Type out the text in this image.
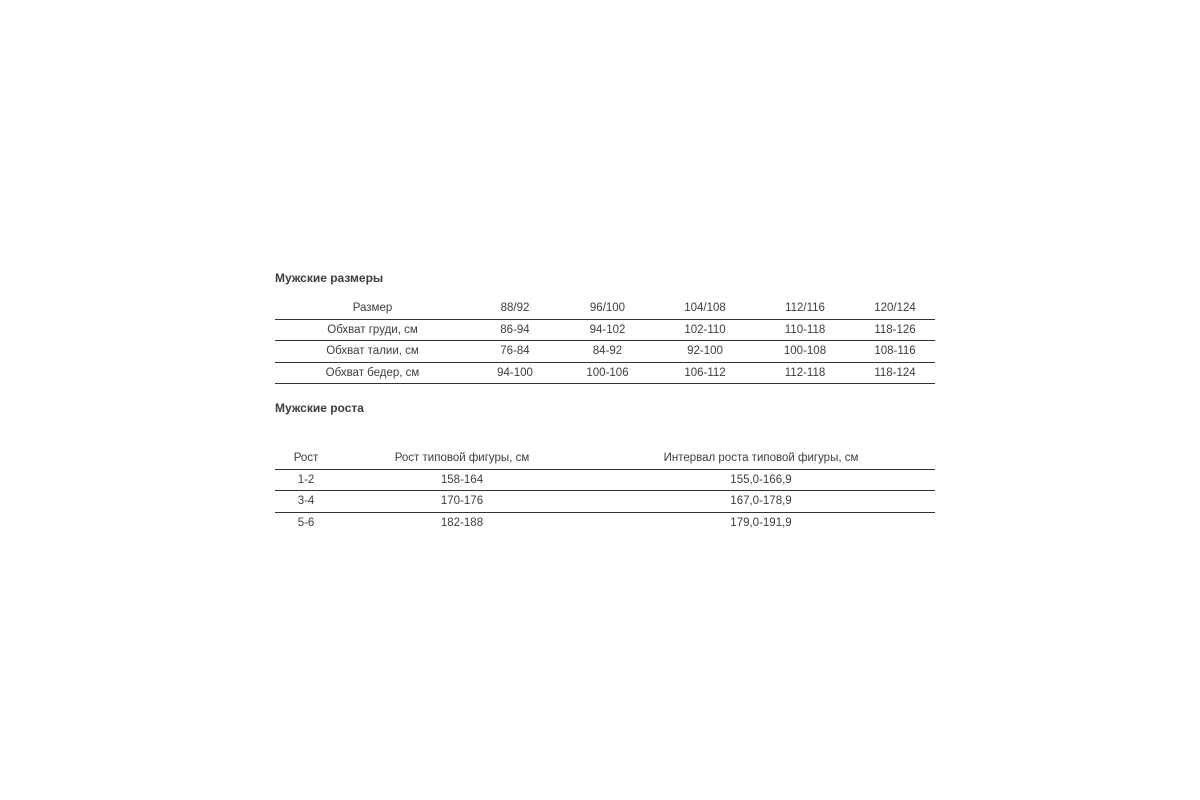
Мужские размеры

Размер	88/92	96/100	104/108	112/116	120/124
Обхват груди, см	86-94	94-102	102-110	110-118	118-126
Обхват талии, см	76-84	84-92	92-100	100-108	108-116
Обхват бедер, см	94-100	100-106	106-112	112-118	118-124

Мужские роста

Рост	Рост типовой фигуры, см	Интервал роста типовой фигуры, см
1-2	158-164	155,0-166,9
3-4	170-176	167,0-178,9
5-6	182-188	179,0-191,9
